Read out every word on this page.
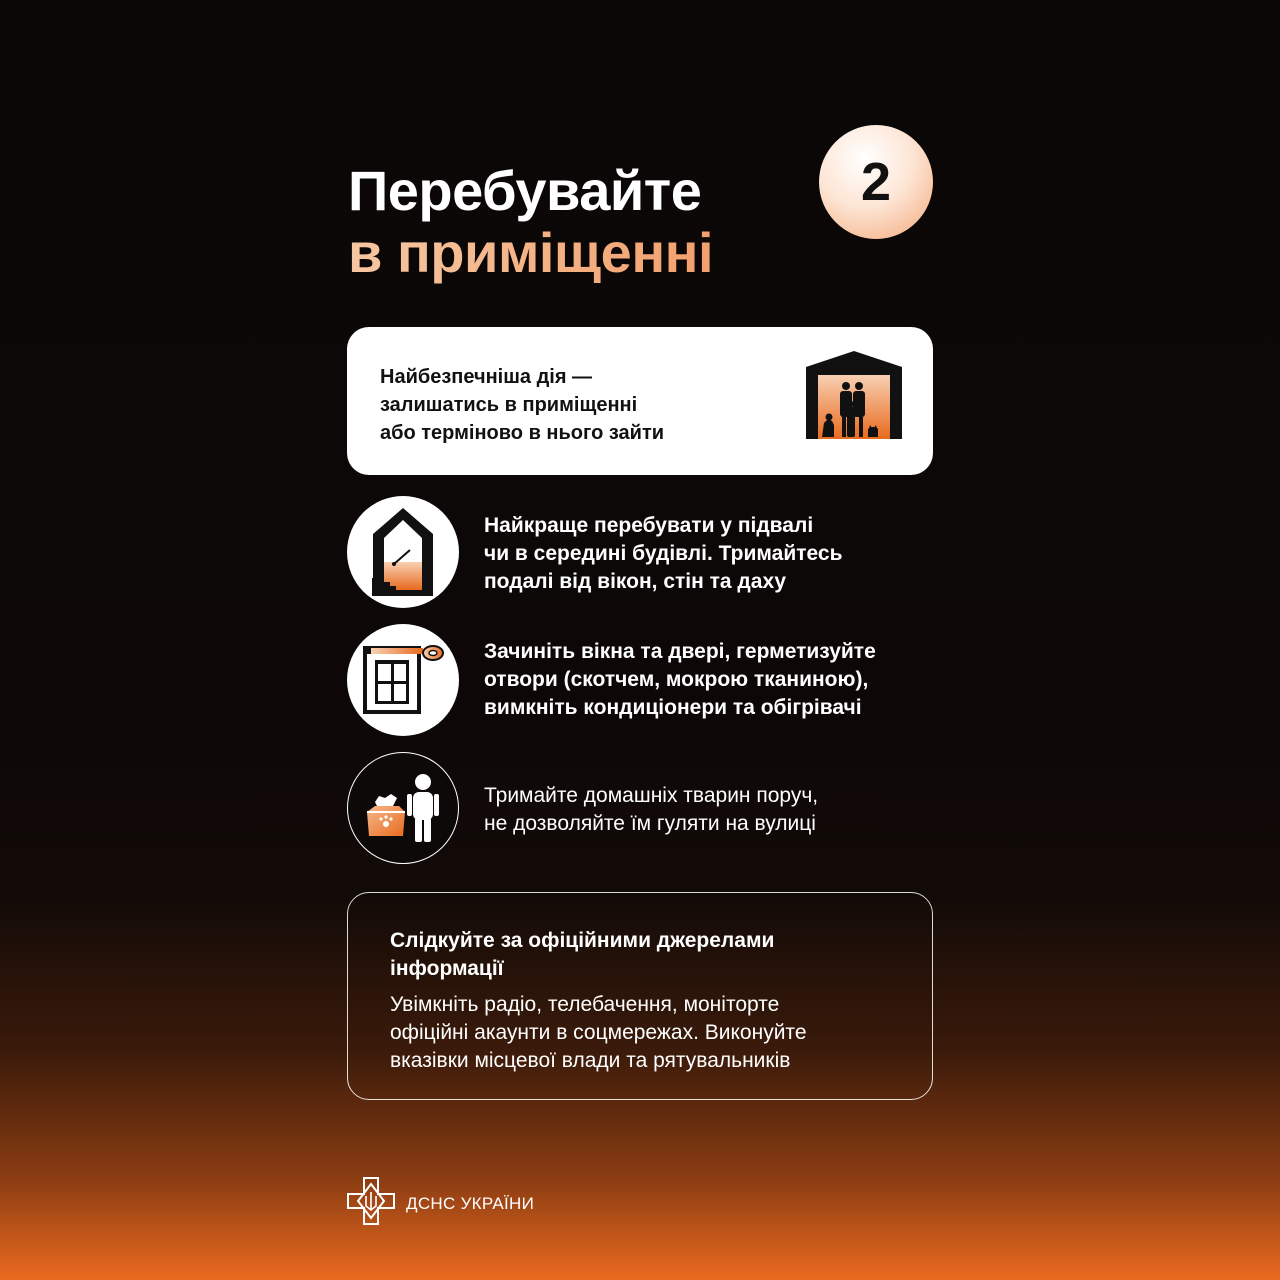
Перебувайте
в приміщенні
2

Найбезпечніша дія —
залишатись в приміщенні
або терміново в нього зайти

Найкраще перебувати у підвалі
чи в середині будівлі. Тримайтесь
подалі від вікон, стін та даху

Зачиніть вікна та двері, герметизуйте
отвори (скотчем, мокрою тканиною),
вимкніть кондиціонери та обігрівачі

Тримайте домашніх тварин поруч,
не дозволяйте їм гуляти на вулиці

Слідкуйте за офіційними джерелами
інформації

Увімкніть радіо, телебачення, моніторте
офіційні акаунти в соцмережах. Виконуйте
вказівки місцевої влади та рятувальників

ДСНС УКРАЇНИ
